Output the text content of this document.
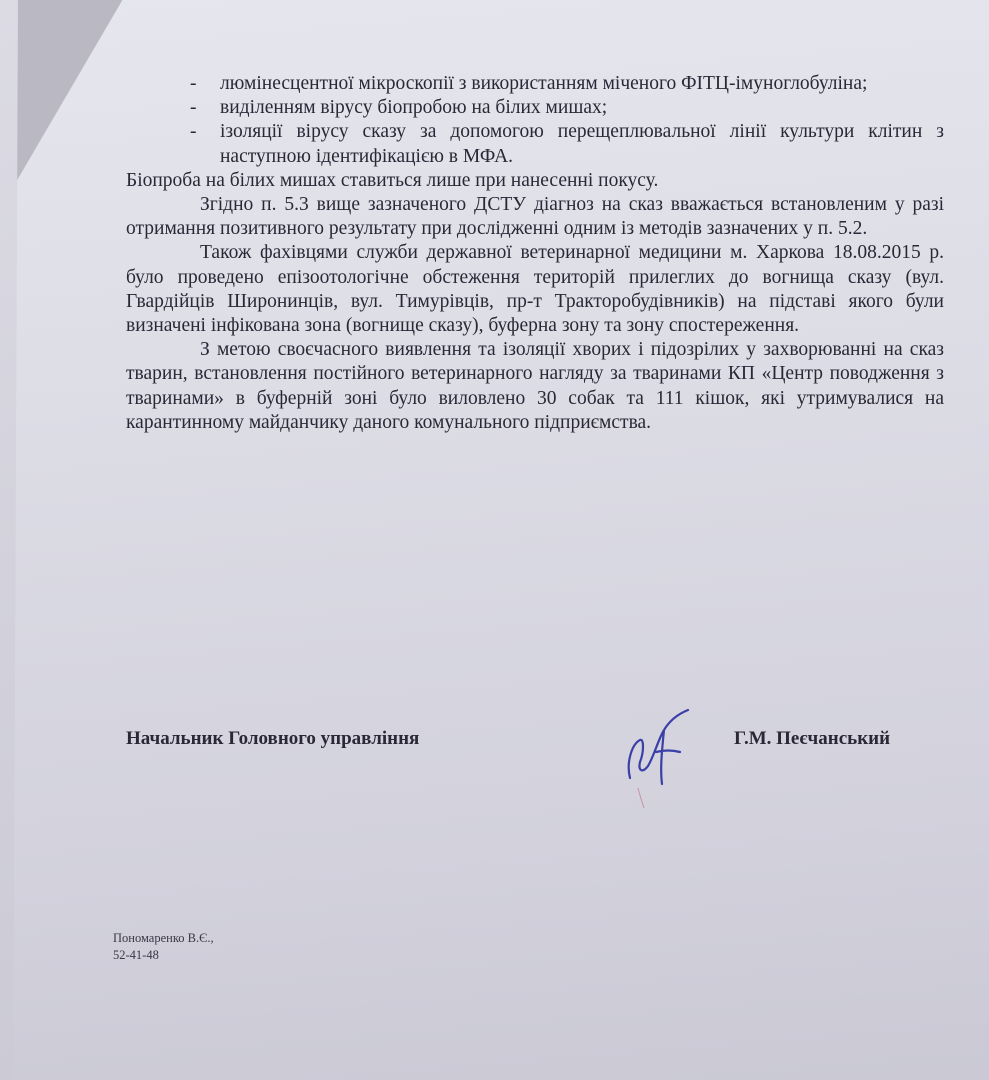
- люмінесцентної мікроскопії з використанням міченого ФІТЦ-імуноглобуліна;
- виділенням вірусу біопробою на білих мишах;
- ізоляції вірусу сказу за допомогою перещеплювальної лінії культури клітин з наступною ідентифікацією в МФА.

Біопроба на білих мишах ставиться лише при нанесенні покусу.

Згідно п. 5.3 вище зазначеного ДСТУ діагноз на сказ вважається встановленим у разі отримання позитивного результату при дослідженні одним із методів зазначених у п. 5.2.

Також фахівцями служби державної ветеринарної медицини м. Харкова 18.08.2015 р. було проведено епізоотологічне обстеження територій прилеглих до вогнища сказу (вул. Гвардійців Широнинців, вул. Тимурівців, пр-т Тракторобудівників) на підставі якого були визначені інфікована зона (вогнище сказу), буферна зону та зону спостереження.

З метою своєчасного виявлення та ізоляції хворих і підозрілих у захворюванні на сказ тварин, встановлення постійного ветеринарного нагляду за тваринами КП «Центр поводження з тваринами» в буферній зоні було виловлено 30 собак та 111 кішок, які утримувалися на карантинному майданчику даного комунального підприємства.

Начальник Головного управління	Г.М. Пеєчанський
Пономаренко В.Є.,
52-41-48
